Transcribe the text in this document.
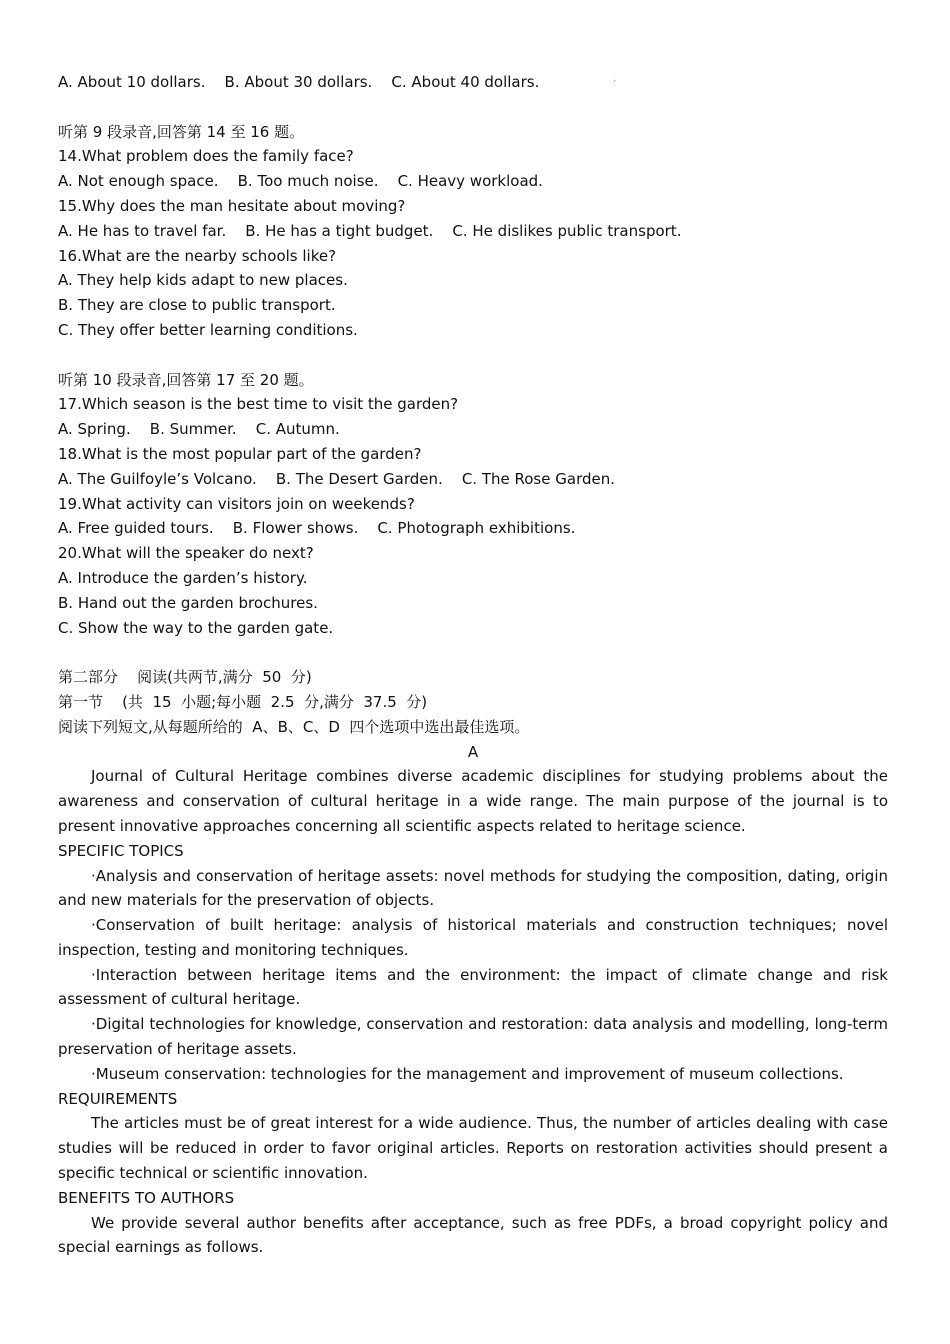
·
A. About 10 dollars.    B. About 30 dollars.    C. About 40 dollars.
听第 9 段录音,回答第 14 至 16 题。
14.What problem does the family face?
A. Not enough space.    B. Too much noise.    C. Heavy workload.
15.Why does the man hesitate about moving?
A. He has to travel far.    B. He has a tight budget.    C. He dislikes public transport.
16.What are the nearby schools like?
A. They help kids adapt to new places.
B. They are close to public transport.
C. They offer better learning conditions.
听第 10 段录音,回答第 17 至 20 题。
17.Which season is the best time to visit the garden?
A. Spring.    B. Summer.    C. Autumn.
18.What is the most popular part of the garden?
A. The Guilfoyle’s Volcano.    B. The Desert Garden.    C. The Rose Garden.
19.What activity can visitors join on weekends?
A. Free guided tours.    B. Flower shows.    C. Photograph exhibitions.
20.What will the speaker do next?
A. Introduce the garden’s history.
B. Hand out the garden brochures.
C. Show the way to the garden gate.
第二部分    阅读(共两节,满分  50  分)
第一节    (共  15  小题;每小题  2.5  分,满分  37.5  分)
阅读下列短文,从每题所给的  A、B、C、D  四个选项中选出最佳选项。
A
Journal of Cultural Heritage combines diverse academic disciplines for studying problems about the awareness and conservation of cultural heritage in a wide range. The main purpose of the journal is to present innovative approaches concerning all scientific aspects related to heritage science.
SPECIFIC TOPICS
·Analysis and conservation of heritage assets: novel methods for studying the composition, dating, origin and new materials for the preservation of objects.
·Conservation of built heritage: analysis of historical materials and construction techniques; novel inspection, testing and monitoring techniques.
·Interaction between heritage items and the environment: the impact of climate change and risk assessment of cultural heritage.
·Digital technologies for knowledge, conservation and restoration: data analysis and modelling, long-term preservation of heritage assets.
·Museum conservation: technologies for the management and improvement of museum collections.
REQUIREMENTS
The articles must be of great interest for a wide audience. Thus, the number of articles dealing with case studies will be reduced in order to favor original articles. Reports on restoration activities should present a specific technical or scientific innovation.
BENEFITS TO AUTHORS
We provide several author benefits after acceptance, such as free PDFs, a broad copyright policy and special earnings as follows.
